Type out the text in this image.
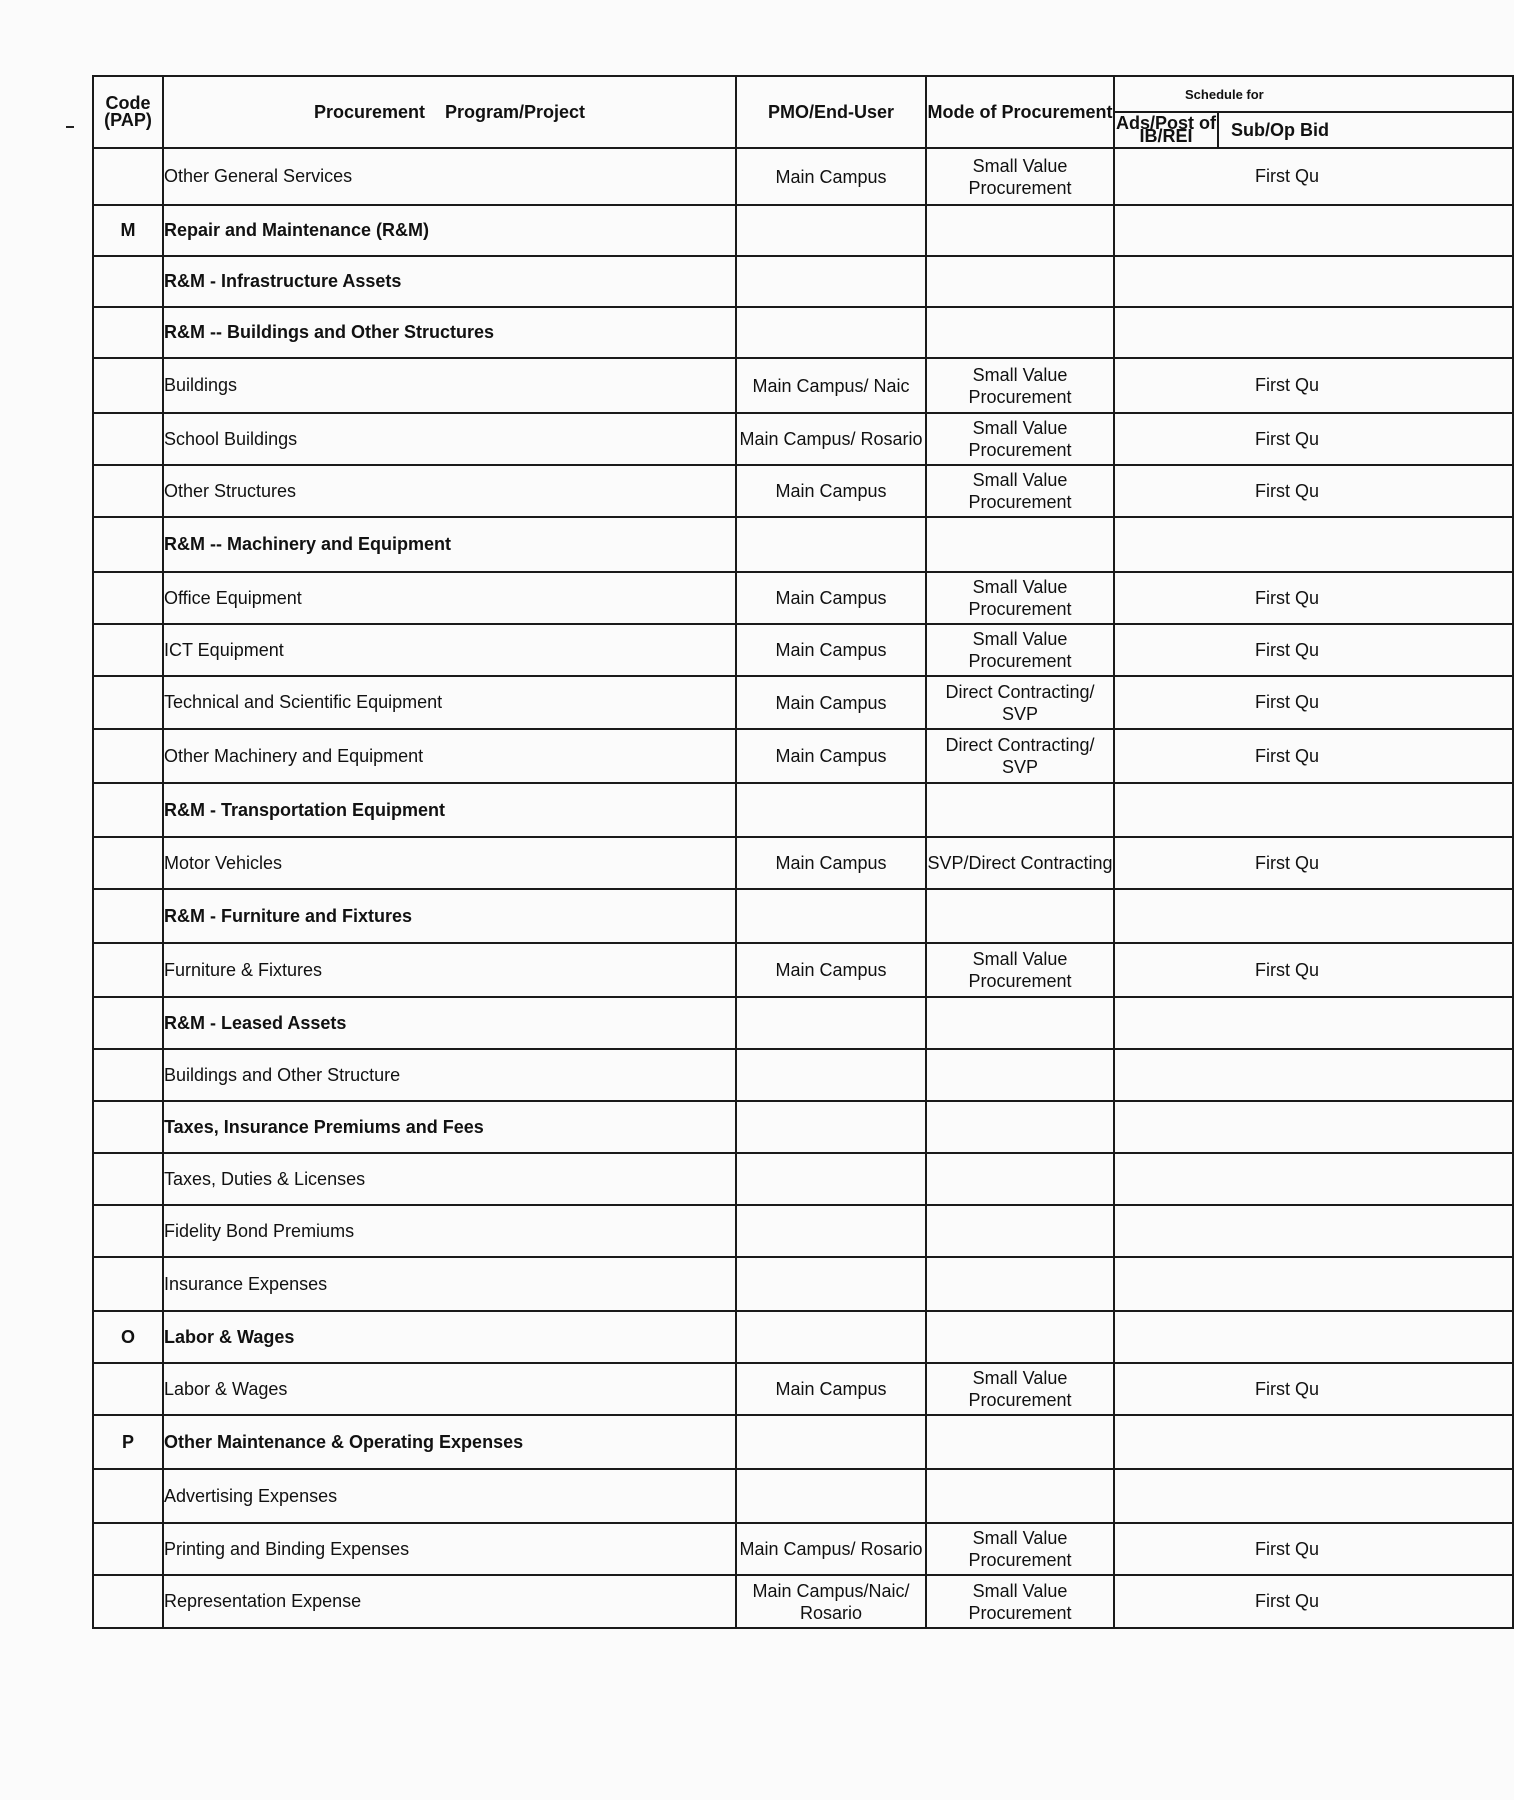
Code (PAP)	Procurement Program/Project	PMO/End-User	Mode of Procurement	Schedule for	
				Ads/Post of IB/REI	Sub/Op Bid
	Other General Services	Main Campus	Small Value Procurement	First Qu	
M	Repair and Maintenance (R&M)				
	R&M - Infrastructure Assets				
	R&M -- Buildings and Other Structures				
	Buildings	Main Campus/ Naic	Small Value Procurement	First Qu	
	School Buildings	Main Campus/ Rosario	Small Value Procurement	First Qu	
	Other Structures	Main Campus	Small Value Procurement	First Qu	
	R&M -- Machinery and Equipment				
	Office Equipment	Main Campus	Small Value Procurement	First Qu	
	ICT Equipment	Main Campus	Small Value Procurement	First Qu	
	Technical and Scientific Equipment	Main Campus	Direct Contracting/ SVP	First Qu	
	Other Machinery and Equipment	Main Campus	Direct Contracting/ SVP	First Qu	
	R&M - Transportation Equipment				
	Motor Vehicles	Main Campus	SVP/Direct Contracting	First Qu	
	R&M - Furniture and Fixtures				
	Furniture & Fixtures	Main Campus	Small Value Procurement	First Qu	
	R&M - Leased Assets				
	Buildings and Other Structure				
	Taxes, Insurance Premiums and Fees				
	Taxes, Duties & Licenses				
	Fidelity Bond Premiums				
	Insurance Expenses				
O	Labor & Wages				
	Labor & Wages	Main Campus	Small Value Procurement	First Qu	
P	Other Maintenance & Operating Expenses				
	Advertising Expenses				
	Printing and Binding Expenses	Main Campus/ Rosario	Small Value Procurement	First Qu	
	Representation Expense	Main Campus/Naic/ Rosario	Small Value Procurement	First Qu	
